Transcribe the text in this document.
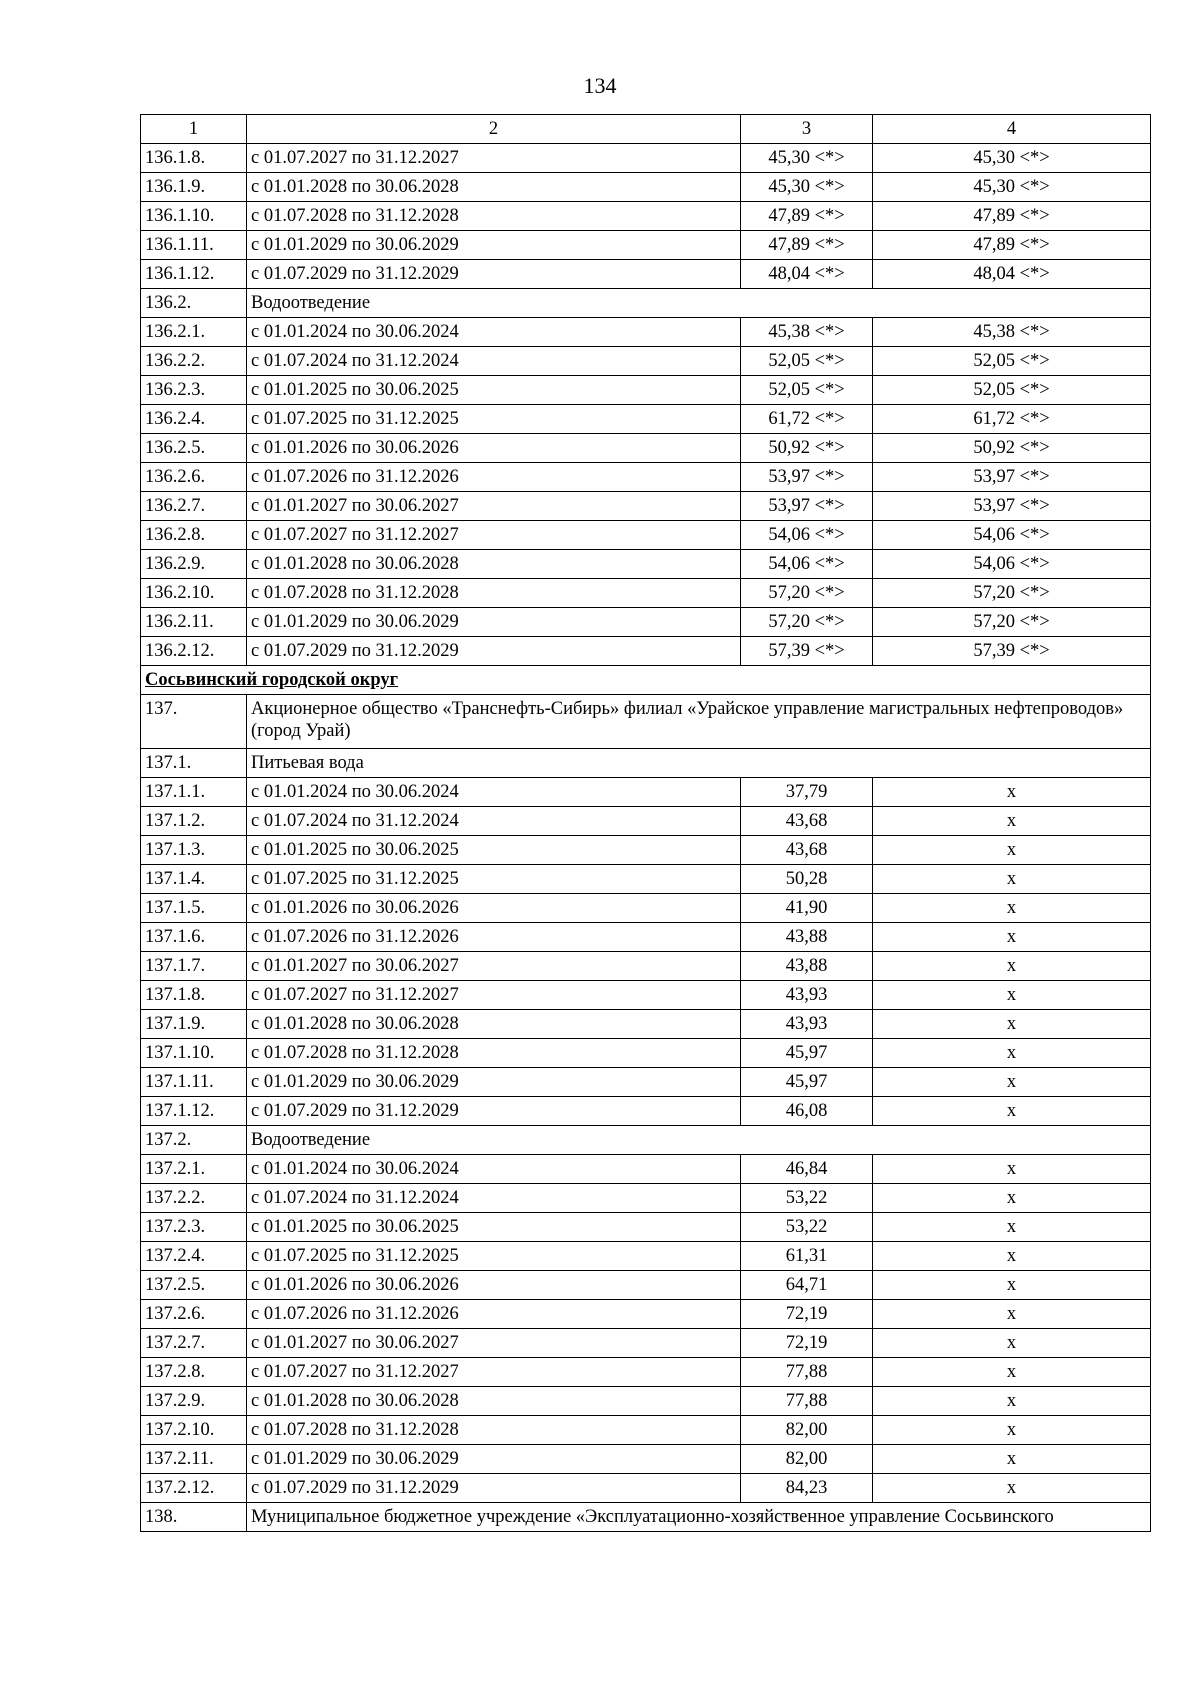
134
1	2	3	4
136.1.8.	с 01.07.2027 по 31.12.2027	45,30 <*>	45,30 <*>
136.1.9.	с 01.01.2028 по 30.06.2028	45,30 <*>	45,30 <*>
136.1.10.	с 01.07.2028 по 31.12.2028	47,89 <*>	47,89 <*>
136.1.11.	с 01.01.2029 по 30.06.2029	47,89 <*>	47,89 <*>
136.1.12.	с 01.07.2029 по 31.12.2029	48,04 <*>	48,04 <*>
136.2.	Водоотведение		
136.2.1.	с 01.01.2024 по 30.06.2024	45,38 <*>	45,38 <*>
136.2.2.	с 01.07.2024 по 31.12.2024	52,05 <*>	52,05 <*>
136.2.3.	с 01.01.2025 по 30.06.2025	52,05 <*>	52,05 <*>
136.2.4.	с 01.07.2025 по 31.12.2025	61,72 <*>	61,72 <*>
136.2.5.	с 01.01.2026 по 30.06.2026	50,92 <*>	50,92 <*>
136.2.6.	с 01.07.2026 по 31.12.2026	53,97 <*>	53,97 <*>
136.2.7.	с 01.01.2027 по 30.06.2027	53,97 <*>	53,97 <*>
136.2.8.	с 01.07.2027 по 31.12.2027	54,06 <*>	54,06 <*>
136.2.9.	с 01.01.2028 по 30.06.2028	54,06 <*>	54,06 <*>
136.2.10.	с 01.07.2028 по 31.12.2028	57,20 <*>	57,20 <*>
136.2.11.	с 01.01.2029 по 30.06.2029	57,20 <*>	57,20 <*>
136.2.12.	с 01.07.2029 по 31.12.2029	57,39 <*>	57,39 <*>
Сосьвинский городской округ			
137.	Акционерное общество «Транснефть-Сибирь» филиал «Урайское управление магистральных нефтепроводов» (город Урай)		
137.1.	Питьевая вода		
137.1.1.	с 01.01.2024 по 30.06.2024	37,79	х
137.1.2.	с 01.07.2024 по 31.12.2024	43,68	х
137.1.3.	с 01.01.2025 по 30.06.2025	43,68	х
137.1.4.	с 01.07.2025 по 31.12.2025	50,28	х
137.1.5.	с 01.01.2026 по 30.06.2026	41,90	х
137.1.6.	с 01.07.2026 по 31.12.2026	43,88	х
137.1.7.	с 01.01.2027 по 30.06.2027	43,88	х
137.1.8.	с 01.07.2027 по 31.12.2027	43,93	х
137.1.9.	с 01.01.2028 по 30.06.2028	43,93	х
137.1.10.	с 01.07.2028 по 31.12.2028	45,97	х
137.1.11.	с 01.01.2029 по 30.06.2029	45,97	х
137.1.12.	с 01.07.2029 по 31.12.2029	46,08	х
137.2.	Водоотведение		
137.2.1.	с 01.01.2024 по 30.06.2024	46,84	х
137.2.2.	с 01.07.2024 по 31.12.2024	53,22	х
137.2.3.	с 01.01.2025 по 30.06.2025	53,22	х
137.2.4.	с 01.07.2025 по 31.12.2025	61,31	х
137.2.5.	с 01.01.2026 по 30.06.2026	64,71	х
137.2.6.	с 01.07.2026 по 31.12.2026	72,19	х
137.2.7.	с 01.01.2027 по 30.06.2027	72,19	х
137.2.8.	с 01.07.2027 по 31.12.2027	77,88	х
137.2.9.	с 01.01.2028 по 30.06.2028	77,88	х
137.2.10.	с 01.07.2028 по 31.12.2028	82,00	х
137.2.11.	с 01.01.2029 по 30.06.2029	82,00	х
137.2.12.	с 01.07.2029 по 31.12.2029	84,23	х
138.	Муниципальное бюджетное учреждение «Эксплуатационно-хозяйственное управление Сосьвинского		
